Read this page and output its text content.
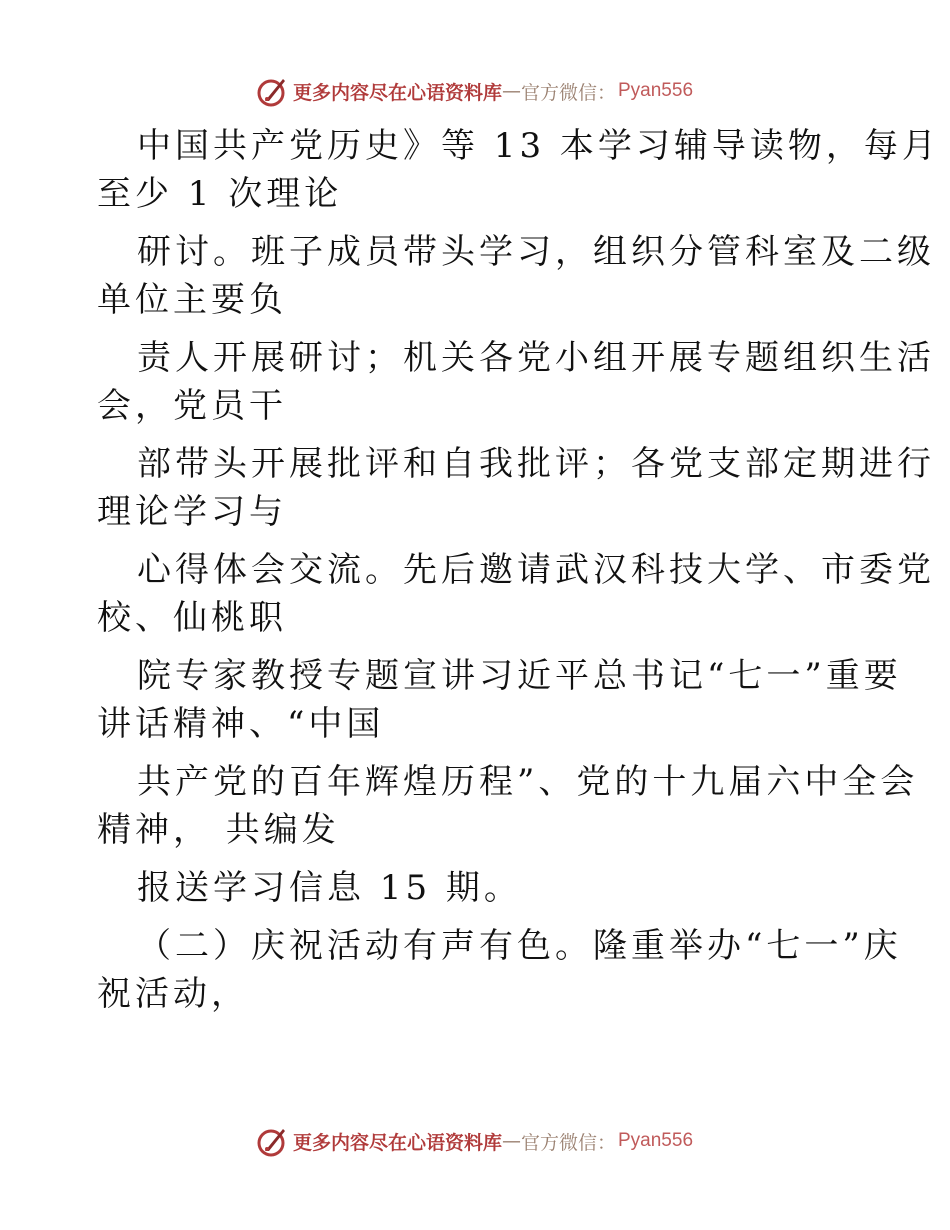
更多内容尽在心语资料库 — 官方微信： Pyan556
中国共产党历史》等 13 本学习辅导读物，每月
至少 1 次理论
研讨。班子成员带头学习，组织分管科室及二级
单位主要负
责人开展研讨；机关各党小组开展专题组织生活
会，党员干
部带头开展批评和自我批评；各党支部定期进行
理论学习与
心得体会交流。先后邀请武汉科技大学、市委党
校、仙桃职
院专家教授专题宣讲习近平总书记“七一”重要
讲话精神、“中国
共产党的百年辉煌历程”、党的十九届六中全会
精神， 共编发
报送学习信息 15 期。
（二）庆祝活动有声有色。隆重举办“七一”庆
祝活动，
更多内容尽在心语资料库 — 官方微信： Pyan556
